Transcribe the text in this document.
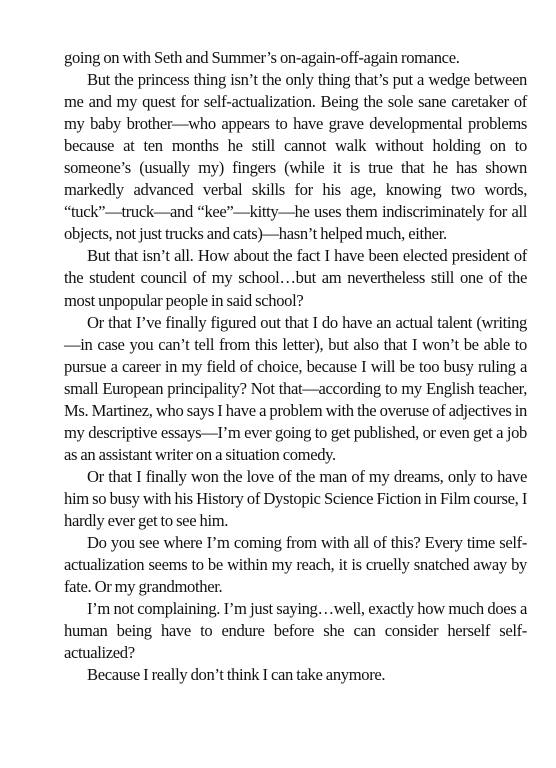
going on with Seth and Summer’s on-again-off-again romance.

But the princess thing isn’t the only thing that’s put a wedge between me and my quest for self-actualization. Being the sole sane caretaker of my baby brother—who appears to have grave developmental problems because at ten months he still cannot walk without holding on to someone’s (usually my) fingers (while it is true that he has shown markedly advanced verbal skills for his age, knowing two words, “tuck”—truck—and “kee”—kitty—he uses them indiscriminately for all objects, not just trucks and cats)—hasn’t helped much, either.

But that isn’t all. How about the fact I have been elected president of the student council of my school…but am nevertheless still one of the most unpopular people in said school?

Or that I’ve finally figured out that I do have an actual talent (writing—in case you can’t tell from this letter), but also that I won’t be able to pursue a career in my field of choice, because I will be too busy ruling a small European principality? Not that—according to my English teacher, Ms. Martinez, who says I have a problem with the overuse of adjectives in my descriptive essays—I’m ever going to get published, or even get a job as an assistant writer on a situation comedy.

Or that I finally won the love of the man of my dreams, only to have him so busy with his History of Dystopic Science Fiction in Film course, I hardly ever get to see him.

Do you see where I’m coming from with all of this? Every time self-actualization seems to be within my reach, it is cruelly snatched away by fate. Or my grandmother.

I’m not complaining. I’m just saying…well, exactly how much does a human being have to endure before she can consider herself self-actualized?

Because I really don’t think I can take anymore.
